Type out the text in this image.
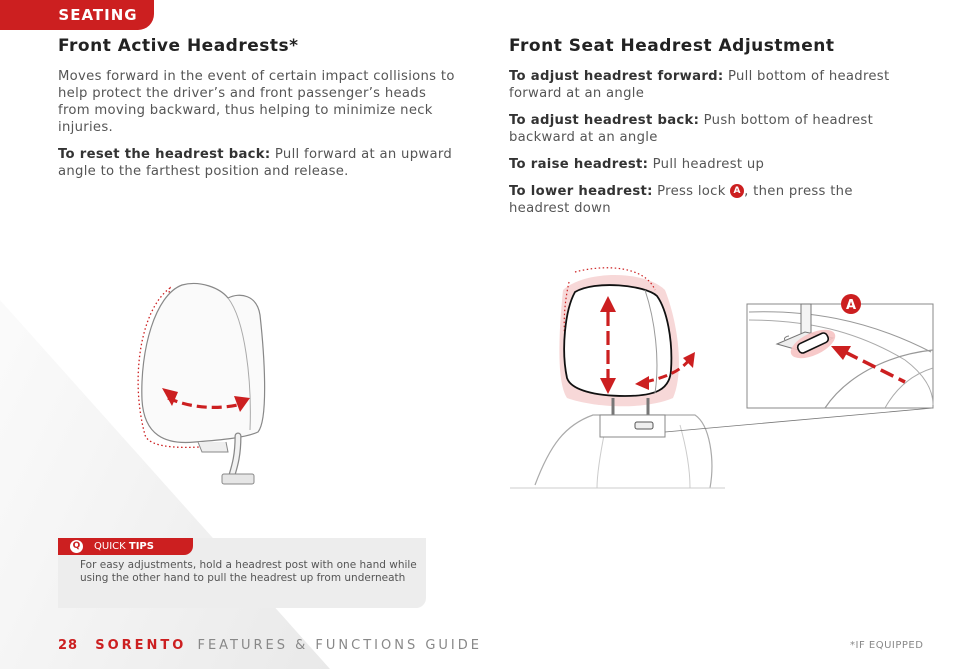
SEATING
Front Active Headrests*

Moves forward in the event of certain impact collisions to help protect the driver’s and front passenger’s heads from moving backward, thus helping to minimize neck injuries.

To reset the headrest back: Pull forward at an upward angle to the farthest position and release.

Front Seat Headrest Adjustment

To adjust headrest forward: Pull bottom of headrest forward at an angle

To adjust headrest back: Push bottom of headrest backward at an angle

To raise headrest: Pull headrest up

To lower headrest: Press lock A , then press the headrest down

A
Q QUICK TIPS
For easy adjustments, hold a headrest post with one hand while using the other hand to pull the headrest up from underneath
28 SORENTO FEATURES & FUNCTIONS GUIDE	*IF EQUIPPED
